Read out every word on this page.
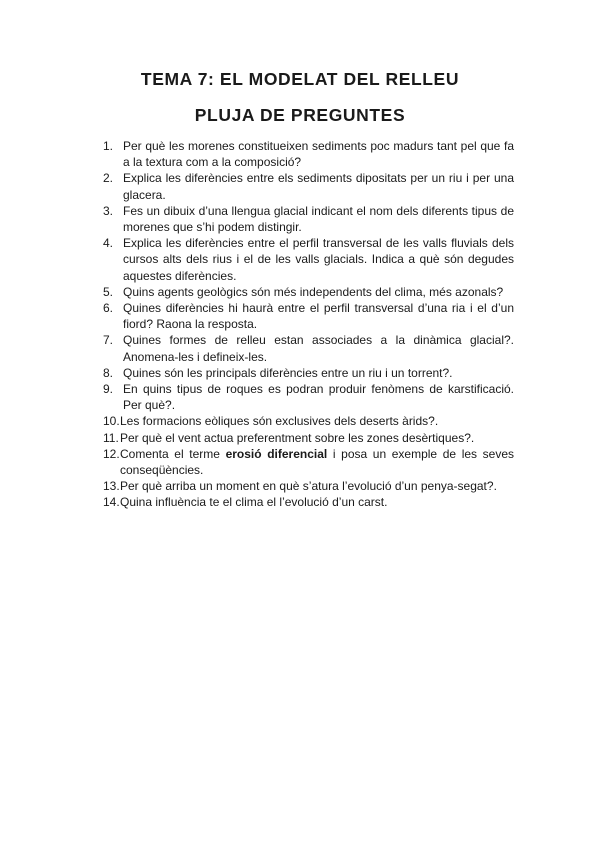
TEMA 7: EL MODELAT DEL RELLEU
PLUJA DE PREGUNTES
1. Per què les morenes constitueixen sediments poc madurs tant pel que fa a la textura com a la composició?
2. Explica les diferències entre els sediments dipositats per un riu i per una glacera.
3. Fes un dibuix d’una llengua glacial indicant el nom dels diferents tipus de morenes que s’hi podem distingir.
4. Explica les diferències entre el perfil transversal de les valls fluvials dels cursos alts dels rius i el de les valls glacials. Indica a què són degudes aquestes diferències.
5. Quins agents geològics són més independents del clima, més azonals?
6. Quines diferències hi haurà entre el perfil transversal d’una ria i el d’un fiord? Raona la resposta.
7. Quines formes de relleu estan associades a la dinàmica glacial?. Anomena-les i defineix-les.
8. Quines són les principals diferències entre un riu i un torrent?.
9. En quins tipus de roques es podran produir fenòmens de karstificació. Per què?.
10. Les formacions eòliques són exclusives dels deserts àrids?.
11. Per què el vent actua preferentment sobre les zones desèrtiques?.
12. Comenta el terme erosió diferencial i posa un exemple de les seves conseqüències.
13. Per què arriba un moment en què s’atura l’evolució d’un penya-segat?.
14. Quina influència te el clima el l’evolució d’un carst.
